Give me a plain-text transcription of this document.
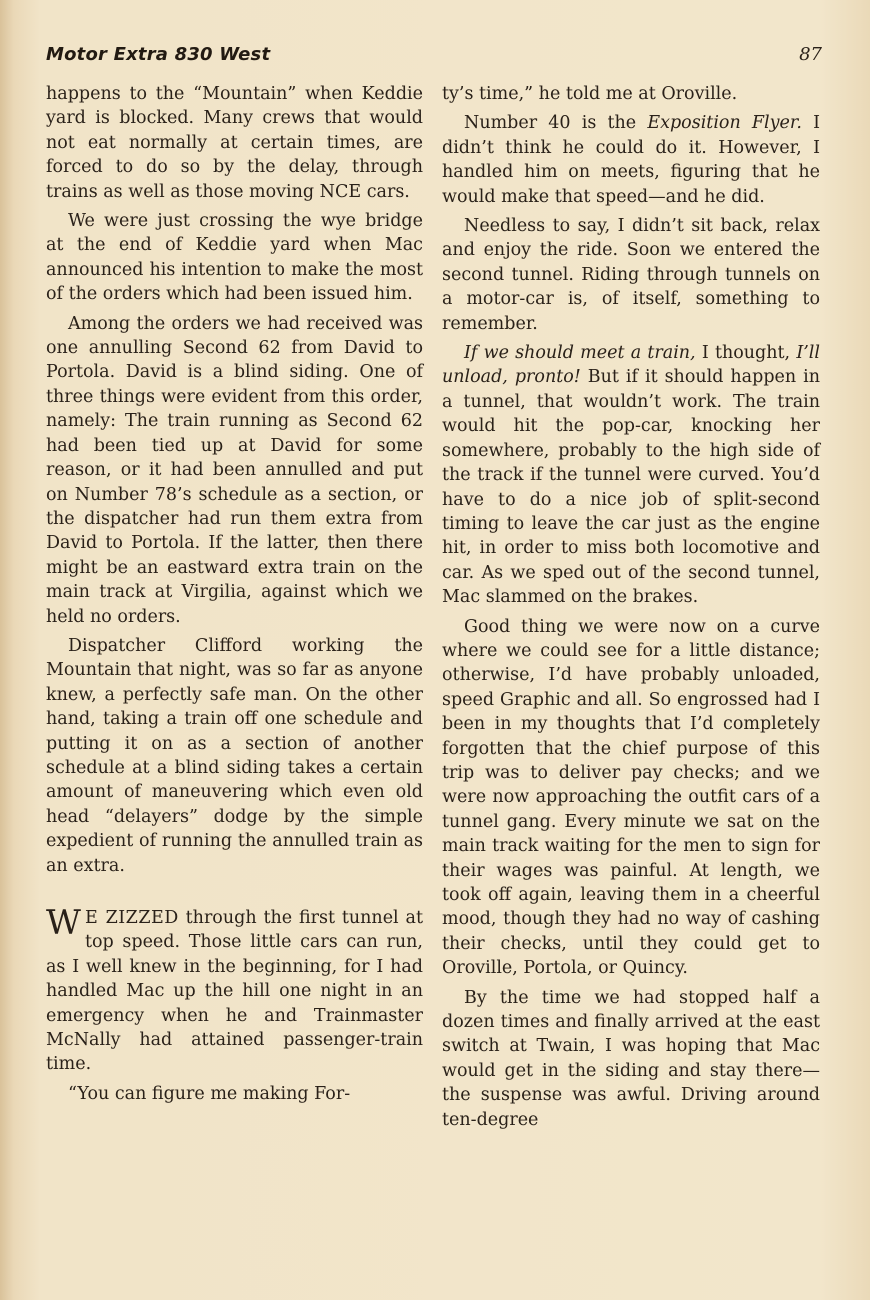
Motor Extra 830 West	87

happens to the “Mountain” when Keddie yard is blocked. Many crews that would not eat normally at certain times, are forced to do so by the delay, through trains as well as those moving NCE cars.

We were just crossing the wye bridge at the end of Keddie yard when Mac announced his intention to make the most of the orders which had been issued him.

Among the orders we had received was one annulling Second 62 from David to Portola. David is a blind siding. One of three things were evident from this order, namely: The train running as Second 62 had been tied up at David for some reason, or it had been annulled and put on Number 78’s schedule as a section, or the dispatcher had run them extra from David to Portola. If the latter, then there might be an eastward extra train on the main track at Virgilia, against which we held no orders.

Dispatcher Clifford working the Mountain that night, was so far as anyone knew, a perfectly safe man. On the other hand, taking a train off one schedule and putting it on as a section of another schedule at a blind siding takes a certain amount of maneuvering which even old head “delayers” dodge by the simple expedient of running the annulled train as an extra.

W E ZIZZED through the first tunnel at top speed. Those little cars can run, as I well knew in the beginning, for I had handled Mac up the hill one night in an emergency when he and Trainmaster McNally had attained passenger-train time.

“You can figure me making For-

ty’s time,” he told me at Oroville.

Number 40 is the Exposition Flyer. I didn’t think he could do it. However, I handled him on meets, figuring that he would make that speed—and he did.

Needless to say, I didn’t sit back, relax and enjoy the ride. Soon we entered the second tunnel. Riding through tunnels on a motor-car is, of itself, something to remember.

If we should meet a train, I thought, I’ll unload, pronto! But if it should happen in a tunnel, that wouldn’t work. The train would hit the pop-car, knocking her somewhere, probably to the high side of the track if the tunnel were curved. You’d have to do a nice job of split-second timing to leave the car just as the engine hit, in order to miss both locomotive and car. As we sped out of the second tunnel, Mac slammed on the brakes.

Good thing we were now on a curve where we could see for a little distance; otherwise, I’d have probably unloaded, speed Graphic and all. So engrossed had I been in my thoughts that I’d completely forgotten that the chief purpose of this trip was to deliver pay checks; and we were now approaching the outfit cars of a tunnel gang. Every minute we sat on the main track waiting for the men to sign for their wages was painful. At length, we took off again, leaving them in a cheerful mood, though they had no way of cashing their checks, until they could get to Oroville, Portola, or Quincy.

By the time we had stopped half a dozen times and finally arrived at the east switch at Twain, I was hoping that Mac would get in the siding and stay there—the suspense was awful. Driving around ten-degree
